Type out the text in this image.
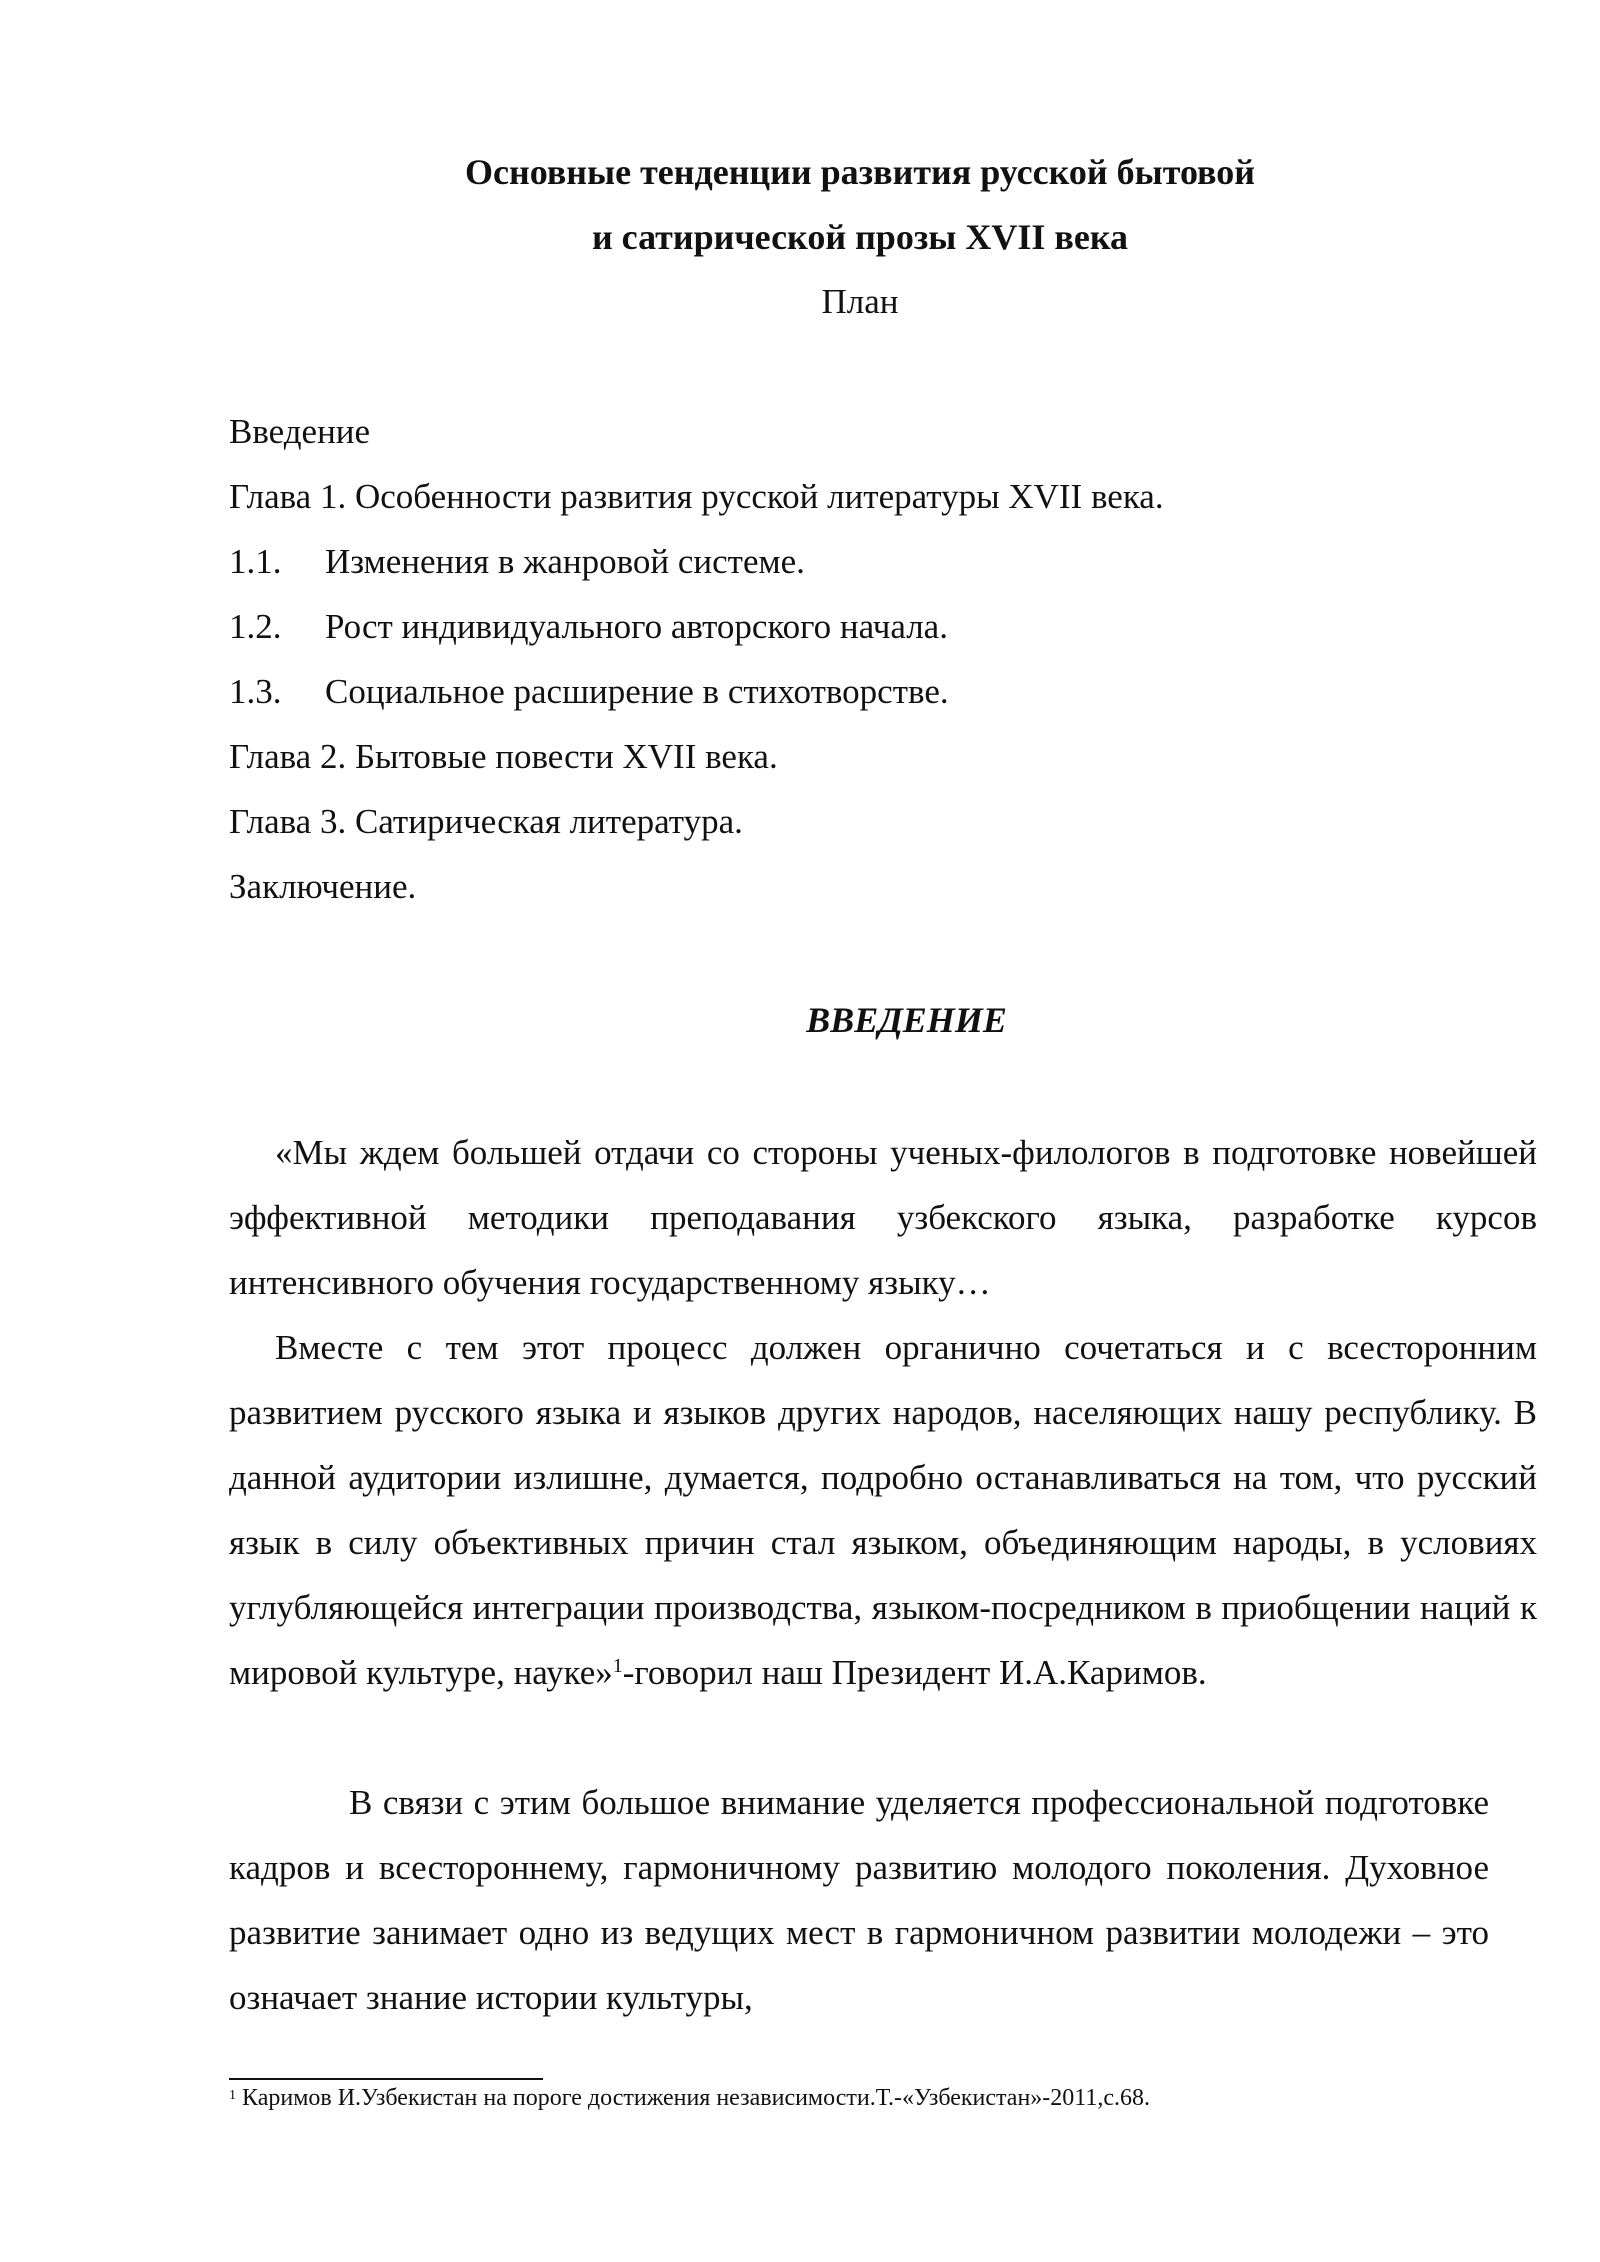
Основные тенденции развития русской бытовой
и сатирической прозы XVII века
План
Введение
Глава 1. Особенности развития русской литературы XVII века.
1.1. Изменения в жанровой системе.
1.2. Рост индивидуального авторского начала.
1.3. Социальное расширение в стихотворстве.
Глава 2. Бытовые повести XVII века.
Глава 3. Сатирическая литература.
Заключение.
ВВЕДЕНИЕ

«Мы ждем большей отдачи со стороны ученых-филологов в подготовке новейшей эффективной методики преподавания узбекского языка, разработке курсов интенсивного обучения государственному языку…

Вместе с тем этот процесс должен органично сочетаться и с всесторонним развитием русского языка и языков других народов, населяющих нашу республику. В данной аудитории излишне, думается, подробно останавливаться на том, что русский язык в силу объективных причин стал языком, объединяющим народы, в условиях углубляющейся интеграции производства, языком-посредником в приобщении наций к мировой культуре, науке»$^1$-говорил наш Президент И.А.Каримов.

В связи с этим большое внимание уделяется профессиональной подготовке кадров и всестороннему, гармоничному развитию молодого поколения. Духовное развитие занимает одно из ведущих мест в гармоничном развитии молодежи – это означает знание истории культуры,

$^1$ Каримов И.Узбекистан на пороге достижения независимости.Т.-«Узбекистан»-2011,с.68.
